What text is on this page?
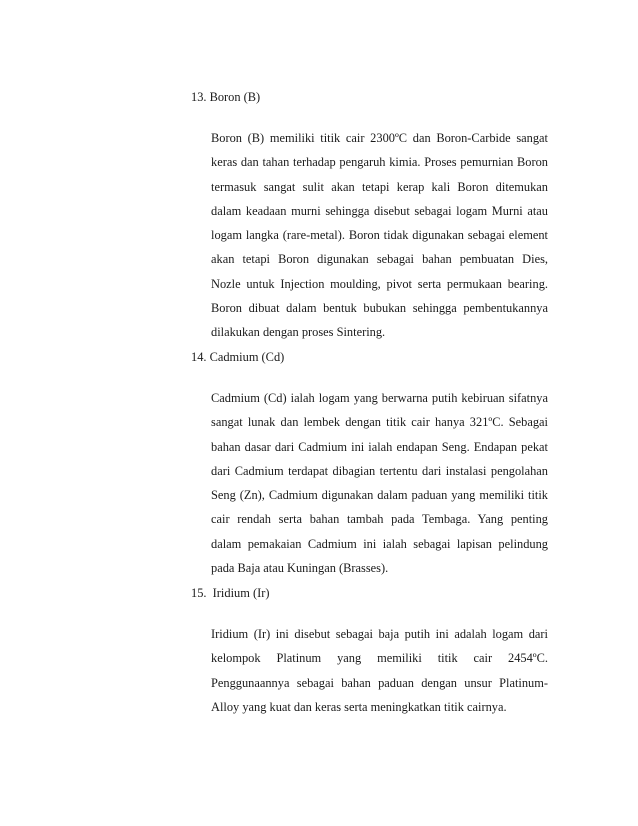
13. Boron (B)
Boron (B) memiliki titik cair 2300ºC dan Boron-Carbide sangat
keras dan tahan terhadap pengaruh kimia. Proses pemurnian Boron
termasuk sangat sulit akan tetapi kerap kali Boron ditemukan
dalam keadaan murni sehingga disebut sebagai logam Murni atau
logam langka (rare-metal). Boron tidak digunakan sebagai element
akan tetapi Boron digunakan sebagai bahan pembuatan Dies,
Nozle untuk Injection moulding, pivot serta permukaan bearing.
Boron dibuat dalam bentuk bubukan sehingga pembentukannya
dilakukan dengan proses Sintering.
14. Cadmium (Cd)
Cadmium (Cd) ialah logam yang berwarna putih kebiruan sifatnya
sangat lunak dan lembek dengan titik cair hanya 321ºC. Sebagai
bahan dasar dari Cadmium ini ialah endapan Seng. Endapan pekat
dari Cadmium terdapat dibagian tertentu dari instalasi pengolahan
Seng (Zn), Cadmium digunakan dalam paduan yang memiliki titik
cair rendah serta bahan tambah pada Tembaga. Yang penting
dalam pemakaian Cadmium ini ialah sebagai lapisan pelindung
pada Baja atau Kuningan (Brasses).
15.  Iridium (Ir)
Iridium (Ir) ini disebut sebagai baja putih ini adalah logam dari
kelompok Platinum yang memiliki titik cair 2454ºC.
Penggunaannya sebagai bahan paduan dengan unsur Platinum-
Alloy yang kuat dan keras serta meningkatkan titik cairnya.
